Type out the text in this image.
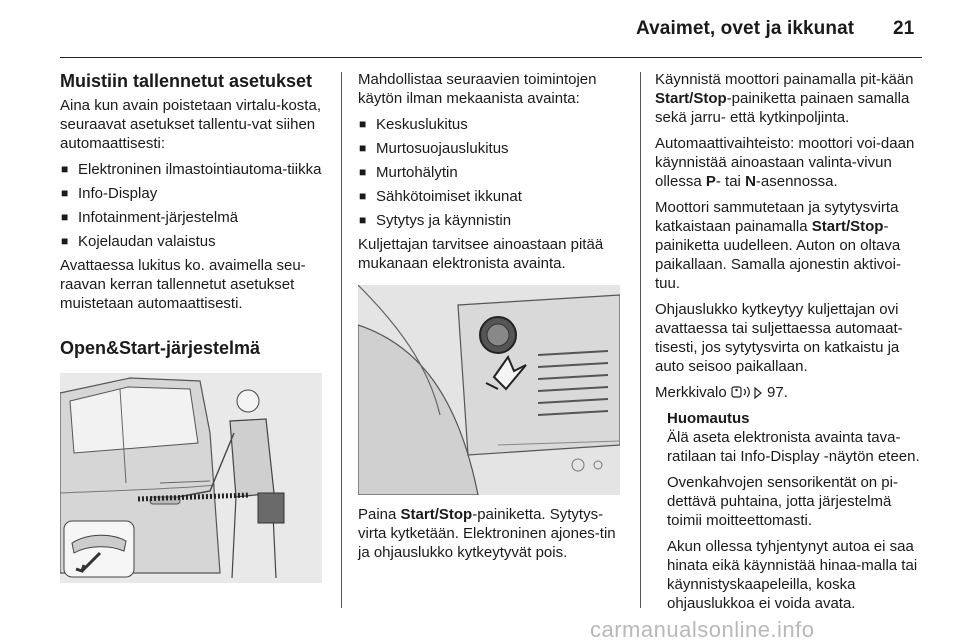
Avaimet, ovet ja ikkunat 21
Muistiin tallennetut asetukset

Aina kun avain poistetaan virtalu-kosta, seuraavat asetukset tallentu-vat siihen automaattisesti:

■ Elektroninen ilmastointiautoma-tiikka
■ Info-Display
■ Infotainment-järjestelmä
■ Kojelaudan valaistus

Avattaessa lukitus ko. avaimella seu-raavan kerran tallennetut asetukset muistetaan automaattisesti.

Open&Start-järjestelmä

Mahdollistaa seuraavien toimintojen käytön ilman mekaanista avainta:

■ Keskuslukitus
■ Murtosuojauslukitus
■ Murtohälytin
■ Sähkötoimiset ikkunat
■ Sytytys ja käynnistin

Kuljettajan tarvitsee ainoastaan pitää mukanaan elektronista avainta.

Paina Start/Stop-painiketta. Sytytys-virta kytketään. Elektroninen ajones-tin ja ohjauslukko kytkeytyvät pois.

Käynnistä moottori painamalla pit-kään Start/Stop-painiketta painaen samalla sekä jarru- että kytkinpoljinta.

Automaattivaihteisto: moottori voi-daan käynnistää ainoastaan valinta-vivun ollessa P- tai N-asennossa.

Moottori sammutetaan ja sytytysvirta katkaistaan painamalla Start/Stop-painiketta uudelleen. Auton on oltava paikallaan. Samalla ajonestin aktivoi-tuu.

Ohjauslukko kytkeytyy kuljettajan ovi avattaessa tai suljettaessa automaat-tisesti, jos sytytysvirta on katkaistu ja auto seisoo paikallaan.

Merkkivalo  97.

Huomautus

Älä aseta elektronista avainta tava-ratilaan tai Info-Display -näytön eteen.

Ovenkahvojen sensorikentät on pi-dettävä puhtaina, jotta järjestelmä toimii moitteettomasti.

Akun ollessa tyhjentynyt autoa ei saa hinata eikä käynnistää hinaa-malla tai käynnistyskaapeleilla, koska ohjauslukkoa ei voida avata.

carmanualsonline.info
